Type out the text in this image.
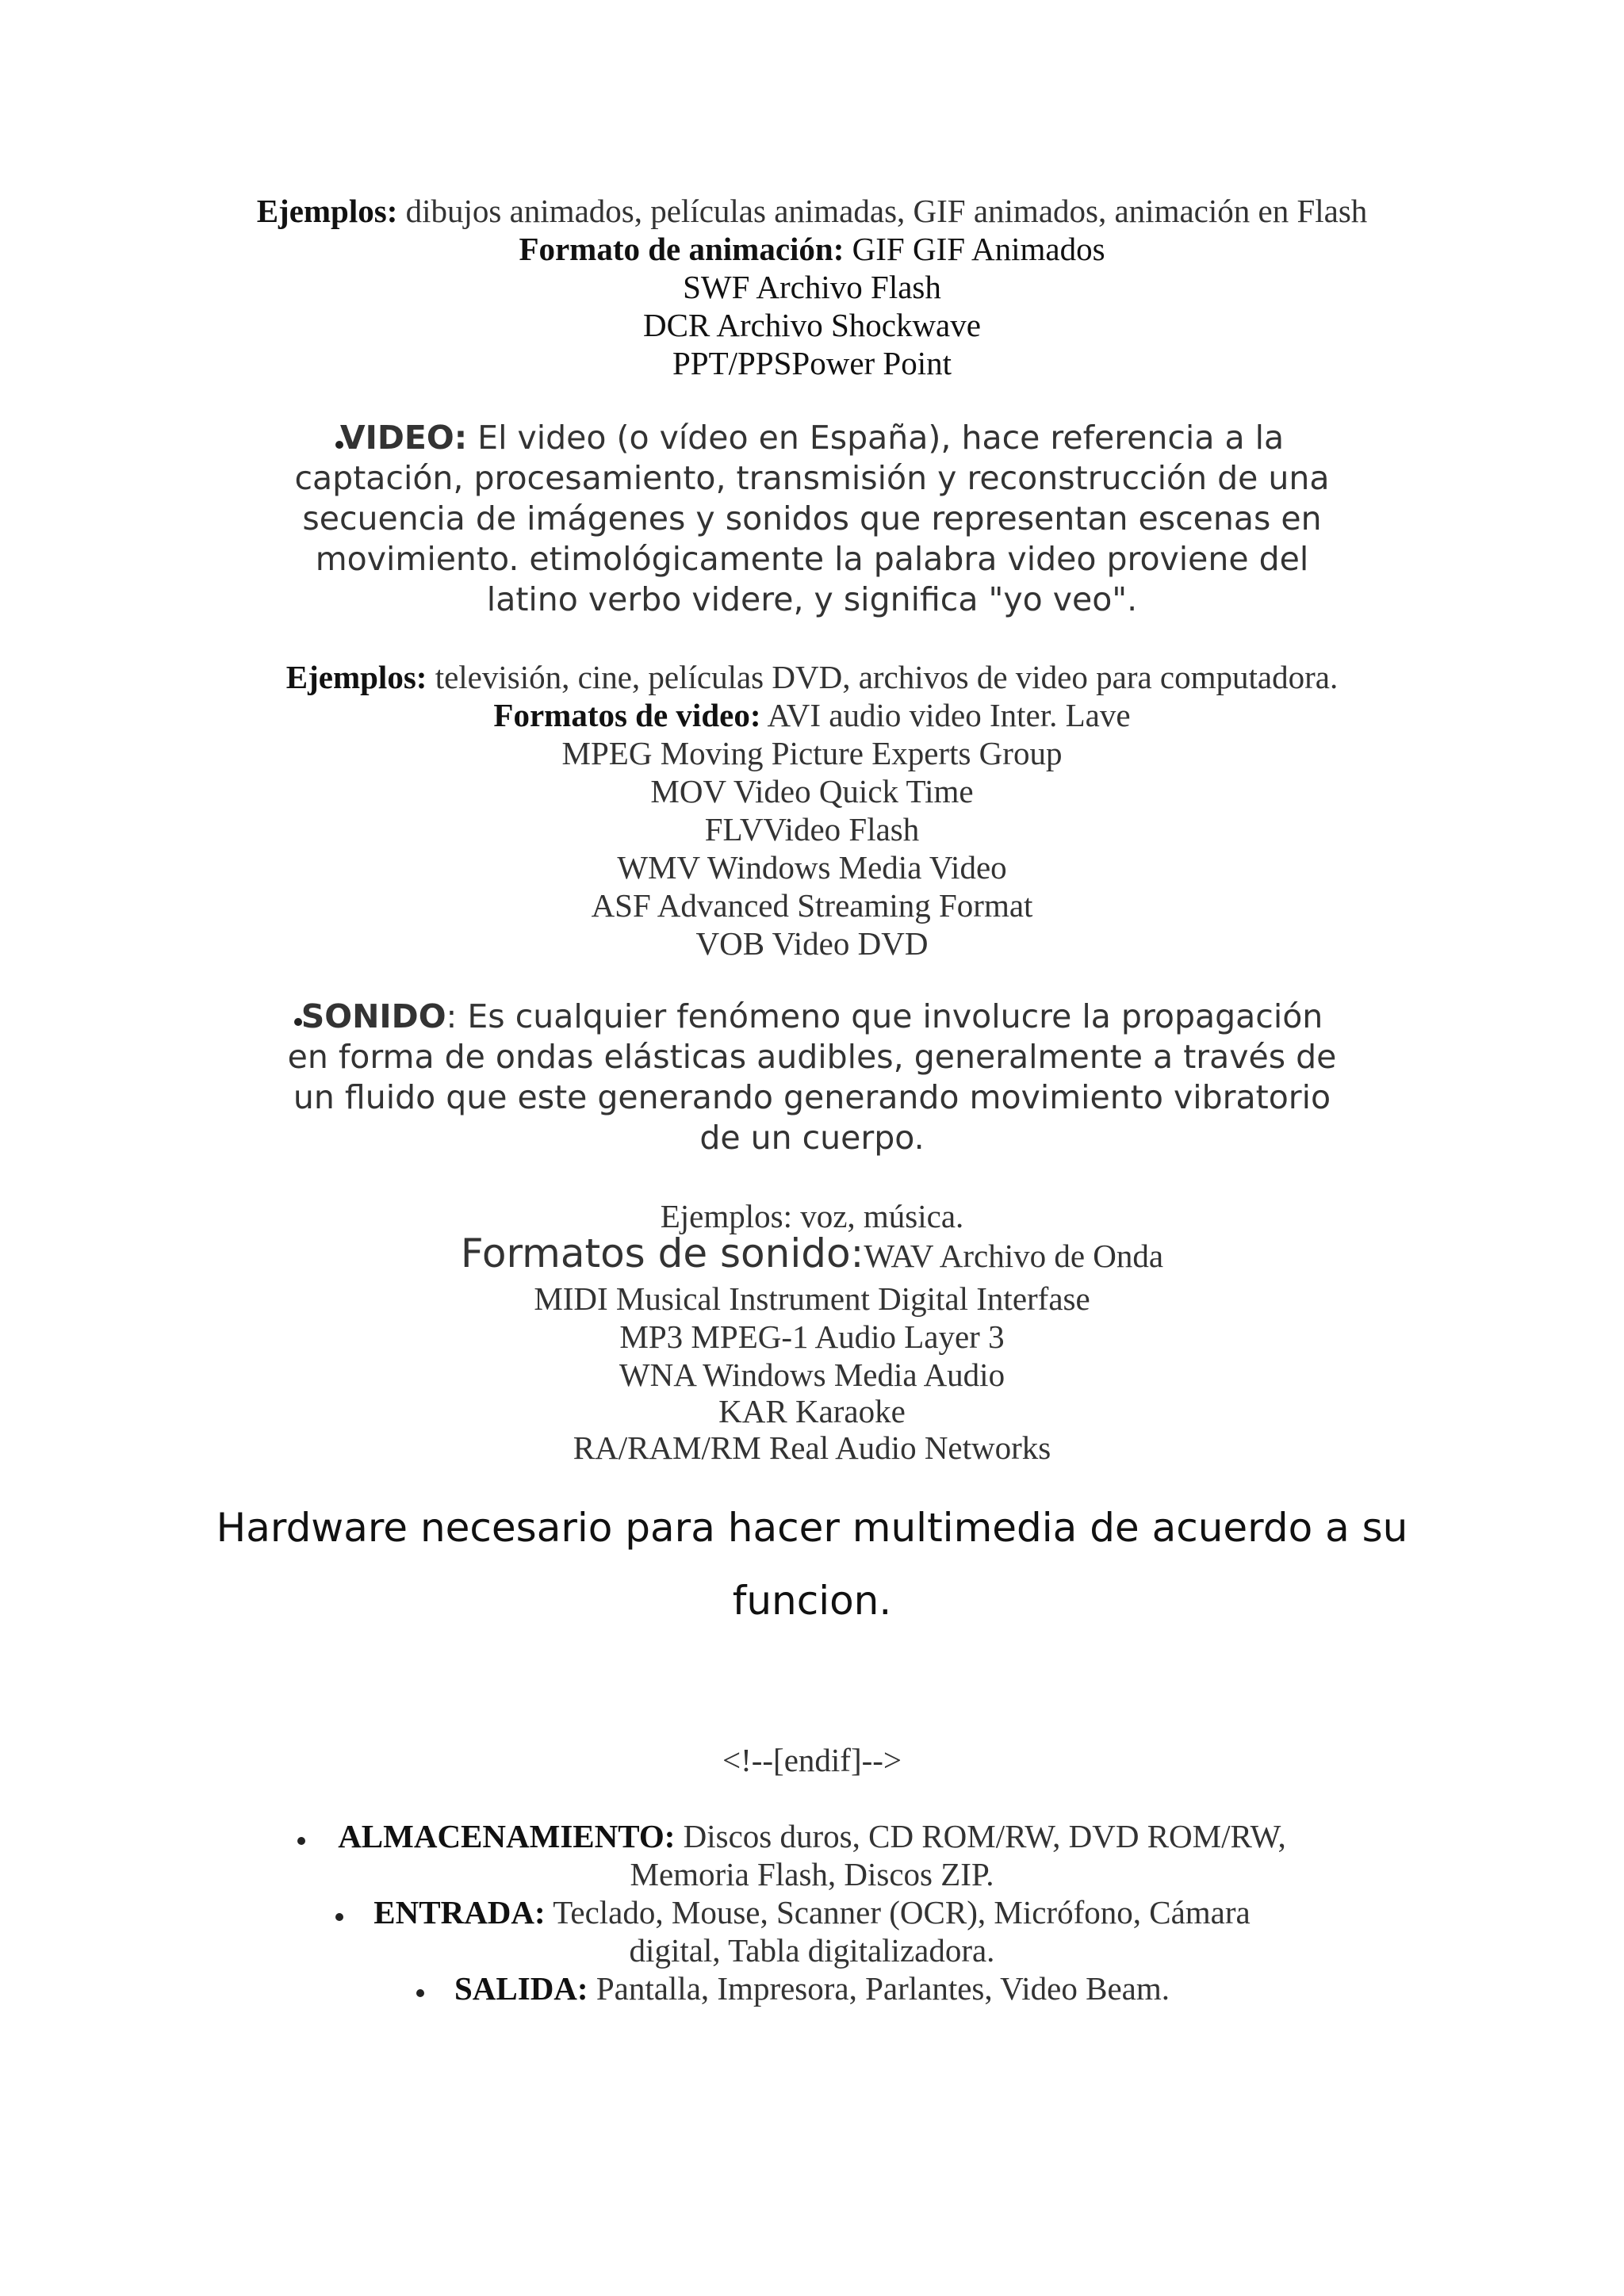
Ejemplos: dibujos animados, películas animadas, GIF animados, animación en Flash
Formato de animación: GIF GIF Animados
SWF Archivo Flash
DCR Archivo Shockwave
PPT/PPSPower Point
VIDEO: El video (o vídeo en España), hace referencia a la
captación, procesamiento, transmisión y reconstrucción de una
secuencia de imágenes y sonidos que representan escenas en
movimiento. etimológicamente la palabra video proviene del
latino verbo videre, y significa "yo veo".
Ejemplos: televisión, cine, películas DVD, archivos de video para computadora.
Formatos de video: AVI audio video Inter. Lave
MPEG Moving Picture Experts Group
MOV Video Quick Time
FLVVideo Flash
WMV Windows Media Video
ASF Advanced Streaming Format
VOB Video DVD
SONIDO: Es cualquier fenómeno que involucre la propagación
en forma de ondas elásticas audibles, generalmente a través de
un fluido que este generando generando movimiento vibratorio
de un cuerpo.
Ejemplos: voz, música.
Formatos de sonido:WAV Archivo de Onda
MIDI Musical Instrument Digital Interfase
MP3 MPEG-1 Audio Layer 3
WNA Windows Media Audio
KAR Karaoke
RA/RAM/RM Real Audio Networks
Hardware necesario para hacer multimedia de acuerdo a su
funcion.
<!--[endif]-->
ALMACENAMIENTO: Discos duros, CD ROM/RW, DVD ROM/RW,
Memoria Flash, Discos ZIP.
ENTRADA: Teclado, Mouse, Scanner (OCR), Micrófono, Cámara
digital, Tabla digitalizadora.
SALIDA: Pantalla, Impresora, Parlantes, Video Beam.
